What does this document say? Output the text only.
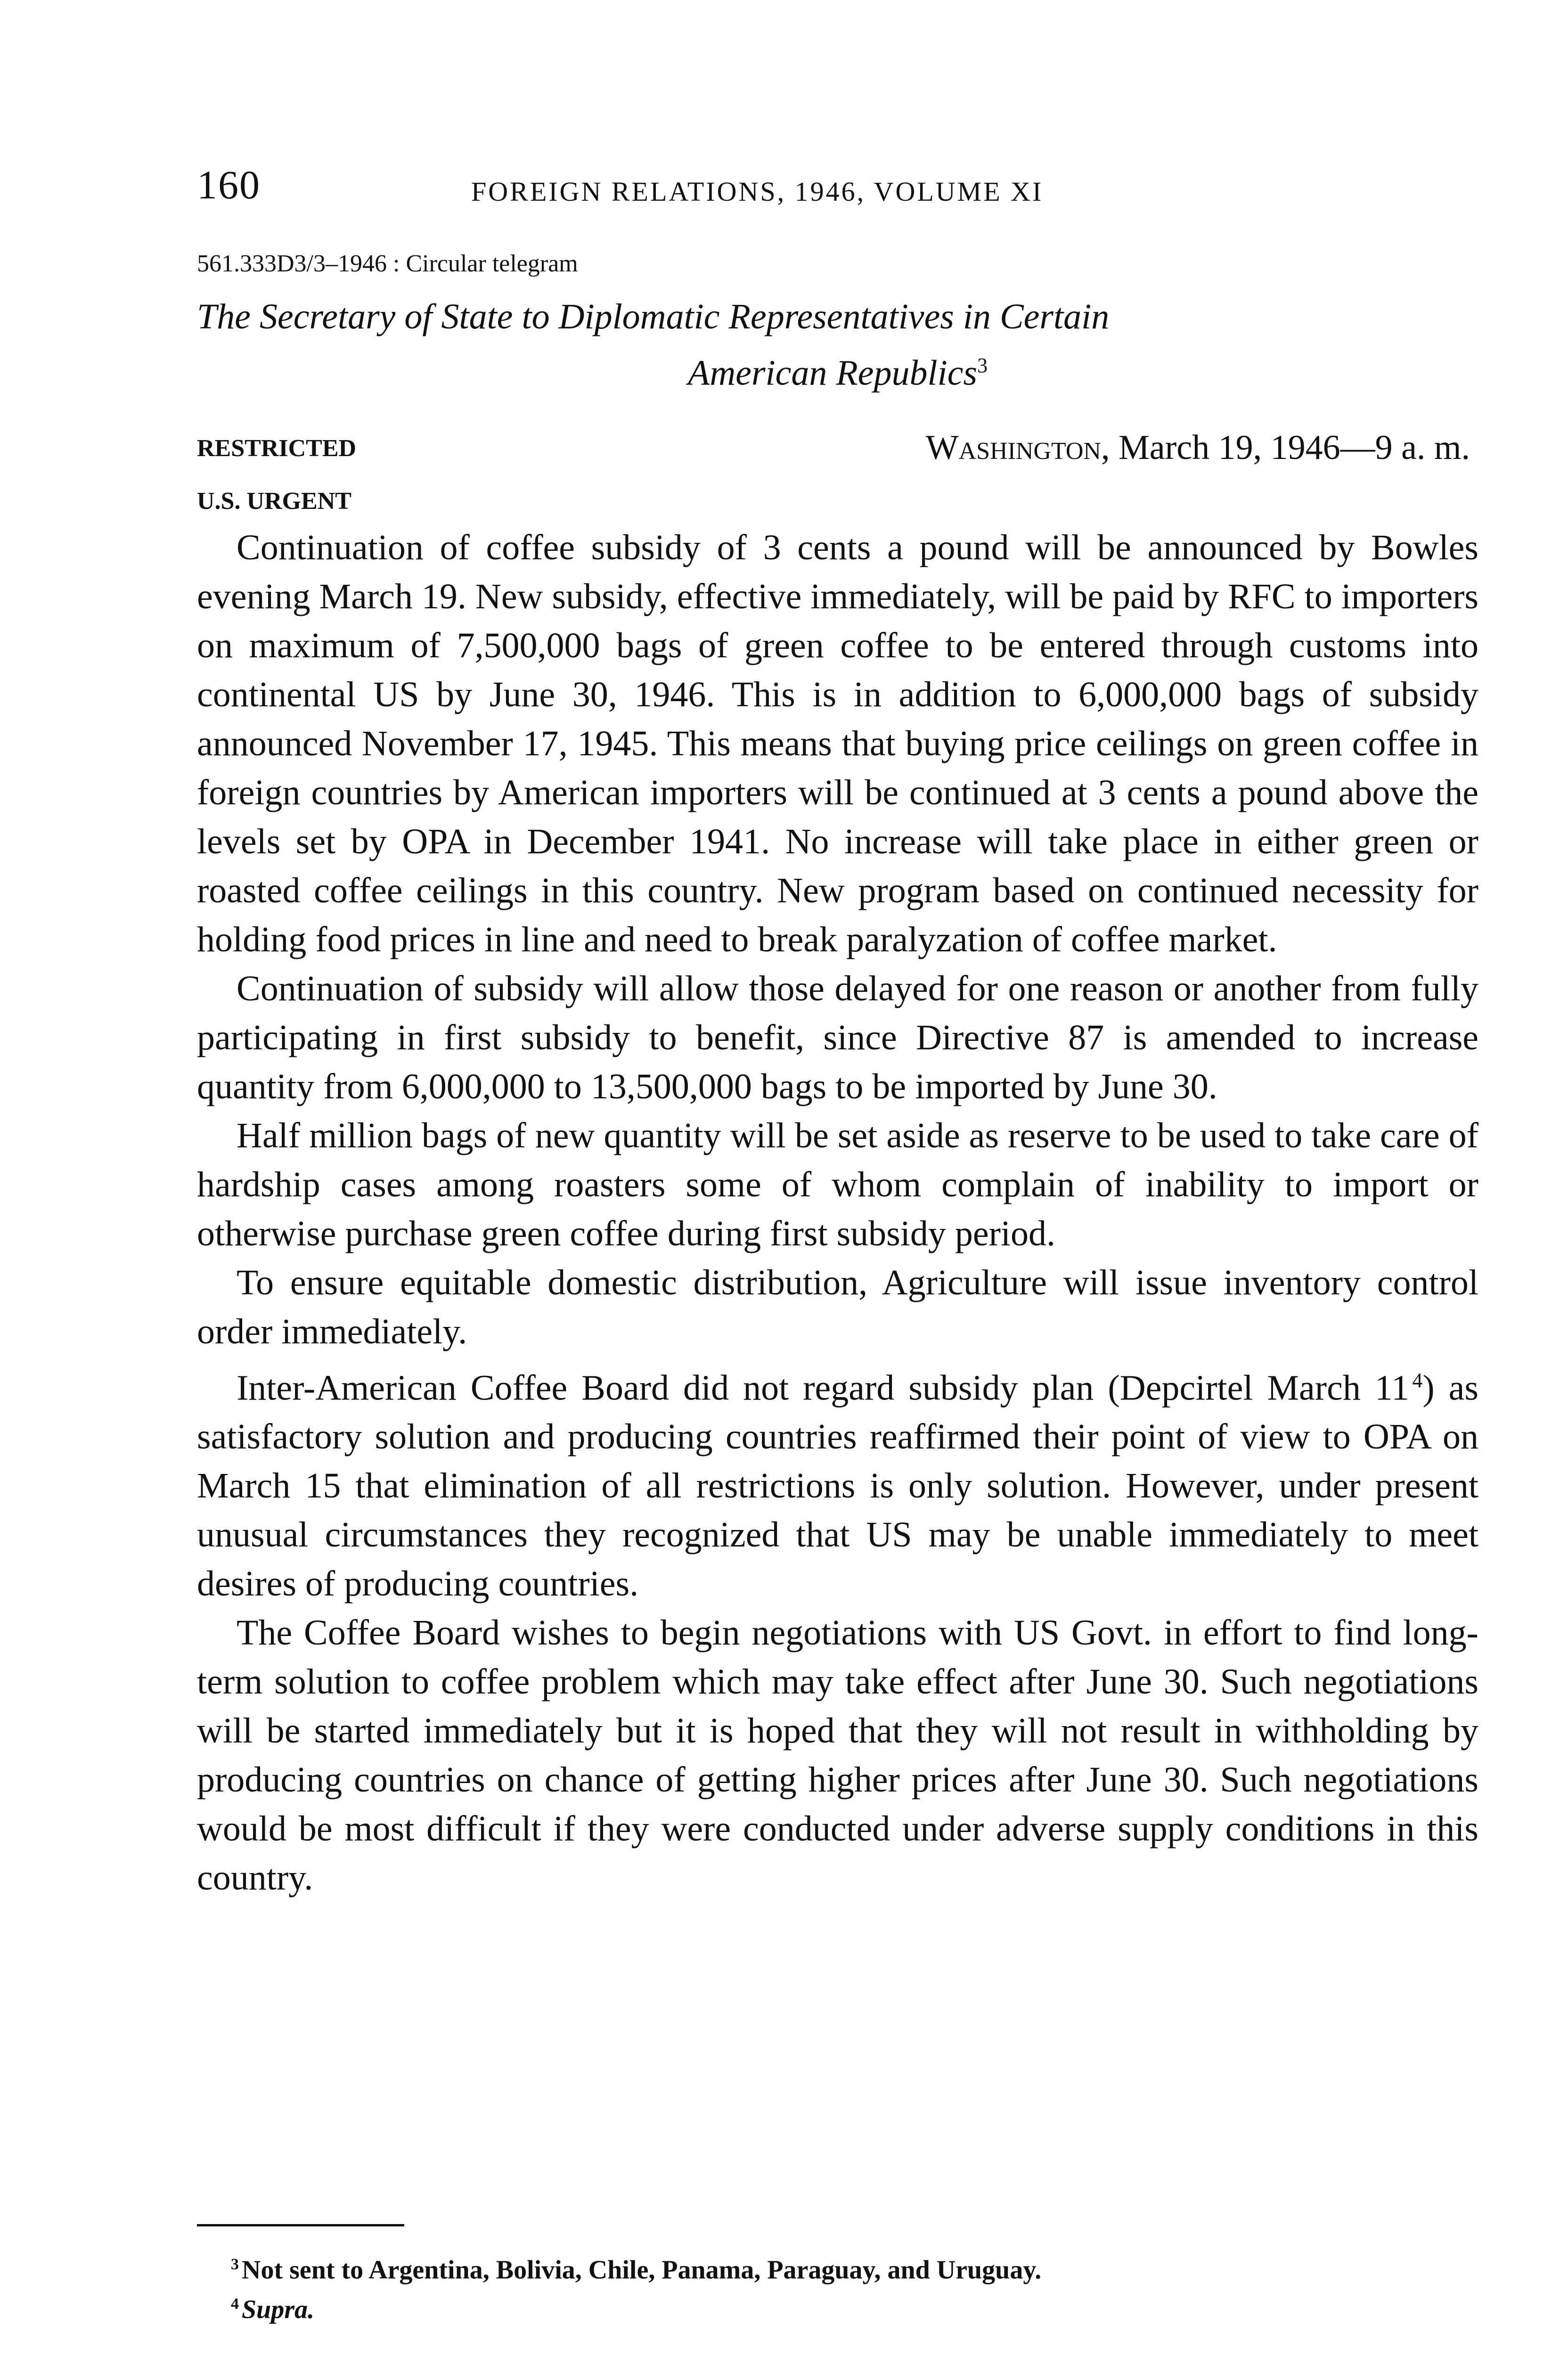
160	FOREIGN RELATIONS, 1946, VOLUME XI
561.333D3/3–1946 : Circular telegram
The Secretary of State to Diplomatic Representatives in Certain
American Republics$^3$
RESTRICTED
U.S. URGENT
Washington, March 19, 1946—9 a. m.

Continuation of coffee subsidy of 3 cents a pound will be announced by Bowles evening March 19. New subsidy, effective immediately, will be paid by RFC to importers on maximum of 7,500,000 bags of green coffee to be entered through customs into continental US by June 30, 1946. This is in addition to 6,000,000 bags of subsidy announced November 17, 1945. This means that buying price ceilings on green coffee in foreign countries by American importers will be continued at 3 cents a pound above the levels set by OPA in December 1941. No increase will take place in either green or roasted coffee ceilings in this country. New program based on continued necessity for holding food prices in line and need to break paralyzation of coffee market.

Continuation of subsidy will allow those delayed for one reason or another from fully participating in first subsidy to benefit, since Directive 87 is amended to increase quantity from 6,000,000 to 13,500,000 bags to be imported by June 30.

Half million bags of new quantity will be set aside as reserve to be used to take care of hardship cases among roasters some of whom complain of inability to import or otherwise purchase green coffee during first subsidy period.

To ensure equitable domestic distribution, Agriculture will issue inventory control order immediately.

Inter-American Coffee Board did not regard subsidy plan (Depcirtel March 11  $^4$) as satisfactory solution and producing countries reaffirmed their point of view to OPA on March 15 that elimination of all restrictions is only solution. However, under present unusual circumstances they recognized that US may be unable immediately to meet desires of producing countries.

The Coffee Board wishes to begin negotiations with US Govt. in effort to find long-term solution to coffee problem which may take effect after June 30. Such negotiations will be started immediately but it is hoped that they will not result in withholding by producing countries on chance of getting higher prices after June 30. Such negotiations would be most difficult if they were conducted under adverse supply conditions in this country.

$^3$ Not sent to Argentina, Bolivia, Chile, Panama, Paraguay, and Uruguay.
$^4$ Supra.
